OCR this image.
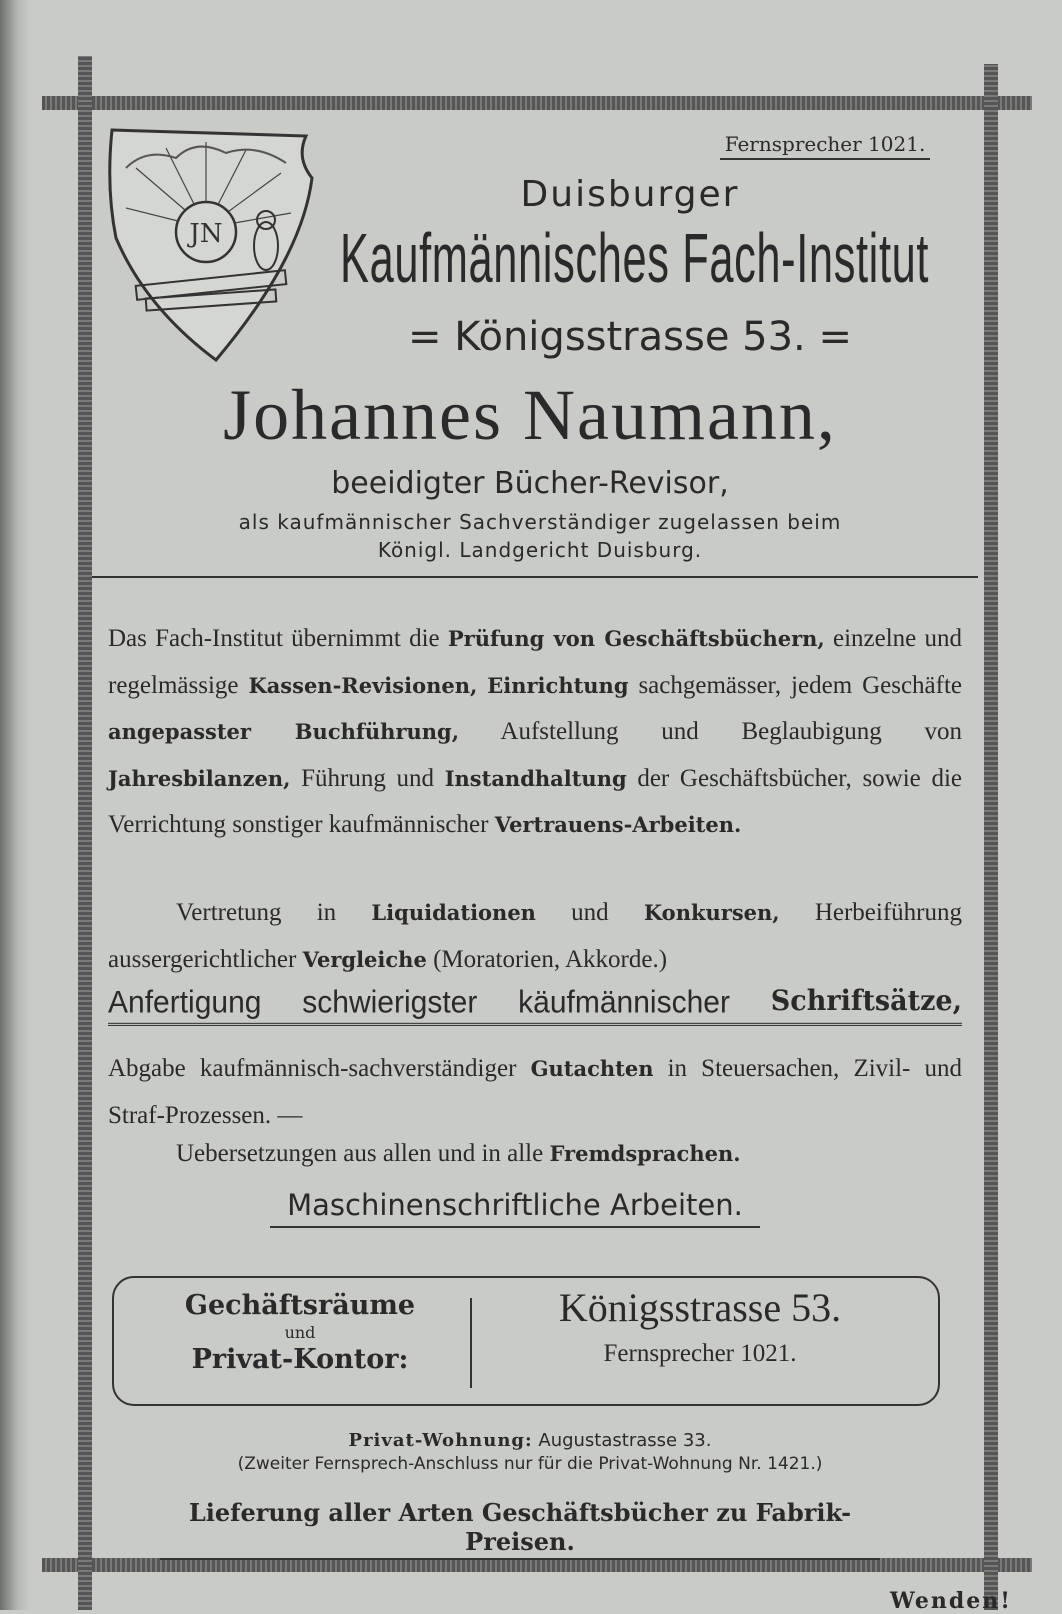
Fernsprecher 1021.
JN
Duisburger
Kaufmännisches Fach-Institut
= Königsstrasse 53. =
Johannes Naumann,
beeidigter Bücher-Revisor,
als kaufmännischer Sachverständiger zugelassen beim
Königl. Landgericht Duisburg.
Das Fach-Institut übernimmt die Prüfung von Geschäftsbüchern, einzelne und regelmässige Kassen-Revisionen, Einrichtung sachgemässer, jedem Geschäfte angepasster Buchführung, Aufstellung und Beglaubigung von Jahresbilanzen, Führung und Instandhaltung der Geschäftsbücher, sowie die Verrichtung sonstiger kaufmännischer Vertrauens-Arbeiten.
Vertretung in Liquidationen und Konkursen, Herbeiführung aussergerichtlicher Vergleiche (Moratorien, Akkorde.)
Anfertigung schwierigster käufmännischer Schriftsätze,
Abgabe kaufmännisch-sachverständiger Gutachten in Steuersachen, Zivil- und Straf-Prozessen. —
Uebersetzungen aus allen und in alle Fremdsprachen.
Maschinenschriftliche Arbeiten.
Gechäftsräume
und
Privat-Kontor:
Königsstrasse 53.
Fernsprecher 1021.
Privat-Wohnung: Augustastrasse 33.
(Zweiter Fernsprech-Anschluss nur für die Privat-Wohnung Nr. 1421.)
Lieferung aller Arten Geschäftsbücher zu Fabrik-Preisen.
Wenden!
